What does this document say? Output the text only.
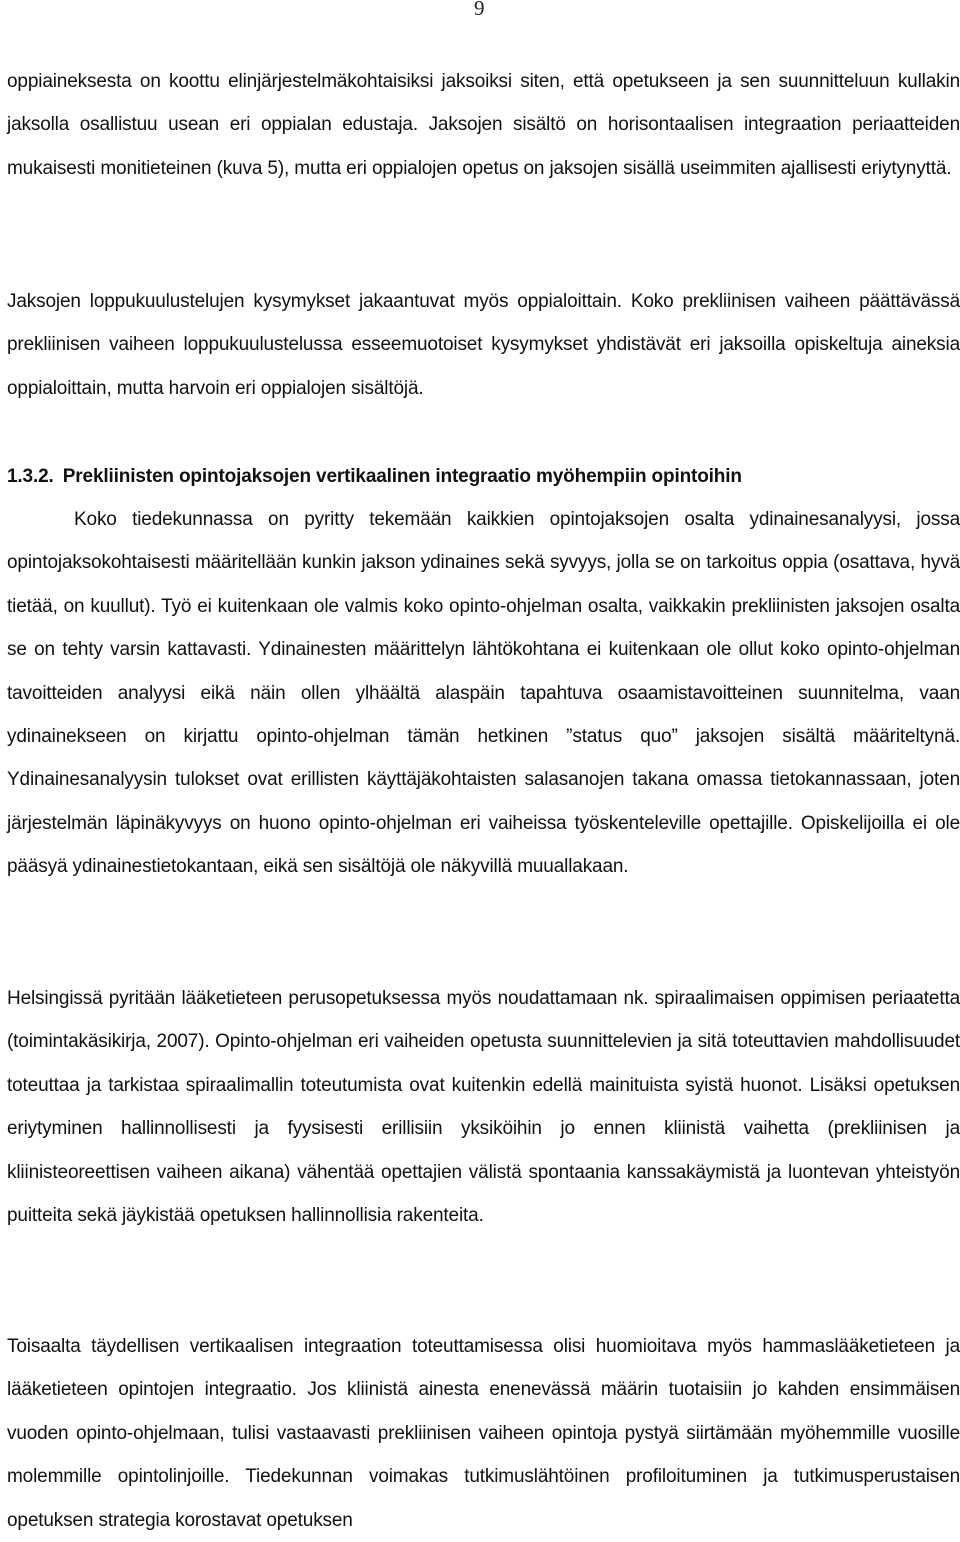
9
oppiaineksesta on koottu elinjärjestelmäkohtaisiksi jaksoiksi siten, että opetukseen ja sen suunnitteluun kullakin jaksolla osallistuu usean eri oppialan edustaja. Jaksojen sisältö on horisontaalisen integraation periaatteiden mukaisesti monitieteinen (kuva 5), mutta eri oppialojen opetus on jaksojen sisällä useimmiten ajallisesti eriytynyttä.
Jaksojen loppukuulustelujen kysymykset jakaantuvat myös oppialoittain. Koko prekliinisen vaiheen päättävässä prekliinisen vaiheen loppukuulustelussa esseemuotoiset kysymykset yhdistävät eri jaksoilla opiskeltuja aineksia oppialoittain, mutta harvoin eri oppialojen sisältöjä.
1.3.2. Prekliinisten opintojaksojen vertikaalinen integraatio myöhempiin opintoihin
Koko tiedekunnassa on pyritty tekemään kaikkien opintojaksojen osalta ydinainesanalyysi, jossa opintojaksokohtaisesti määritellään kunkin jakson ydinaines sekä syvyys, jolla se on tarkoitus oppia (osattava, hyvä tietää, on kuullut). Työ ei kuitenkaan ole valmis koko opinto-ohjelman osalta, vaikkakin prekliinisten jaksojen osalta se on tehty varsin kattavasti. Ydinainesten määrittelyn lähtökohtana ei kuitenkaan ole ollut koko opinto-ohjelman tavoitteiden analyysi eikä näin ollen ylhäältä alaspäin tapahtuva osaamistavoitteinen suunnitelma, vaan ydinainekseen on kirjattu opinto-ohjelman tämän hetkinen ”status quo” jaksojen sisältä määriteltynä. Ydinainesanalyysin tulokset ovat erillisten käyttäjäkohtaisten salasanojen takana omassa tietokannassaan, joten järjestelmän läpinäkyvyys on huono opinto-ohjelman eri vaiheissa työskenteleville opettajille. Opiskelijoilla ei ole pääsyä ydinainestietokantaan, eikä sen sisältöjä ole näkyvillä muuallakaan.
Helsingissä pyritään lääketieteen perusopetuksessa myös noudattamaan nk. spiraalimaisen oppimisen periaatetta (toimintakäsikirja, 2007). Opinto-ohjelman eri vaiheiden opetusta suunnittelevien ja sitä toteuttavien mahdollisuudet toteuttaa ja tarkistaa spiraalimallin toteutumista ovat kuitenkin edellä mainituista syistä huonot. Lisäksi opetuksen eriytyminen hallinnollisesti ja fyysisesti erillisiin yksiköihin jo ennen kliinistä vaihetta (prekliinisen ja kliinisteoreettisen vaiheen aikana) vähentää opettajien välistä spontaania kanssakäymistä ja luontevan yhteistyön puitteita sekä jäykistää opetuksen hallinnollisia rakenteita.
Toisaalta täydellisen vertikaalisen integraation toteuttamisessa olisi huomioitava myös hammaslääketieteen ja lääketieteen opintojen integraatio. Jos kliinistä ainesta enenevässä määrin tuotaisiin jo kahden ensimmäisen vuoden opinto-ohjelmaan, tulisi vastaavasti prekliinisen vaiheen opintoja pystyä siirtämään myöhemmille vuosille molemmille opintolinjoille. Tiedekunnan voimakas tutkimuslähtöinen profiloituminen ja tutkimusperustaisen opetuksen strategia korostavat opetuksen
